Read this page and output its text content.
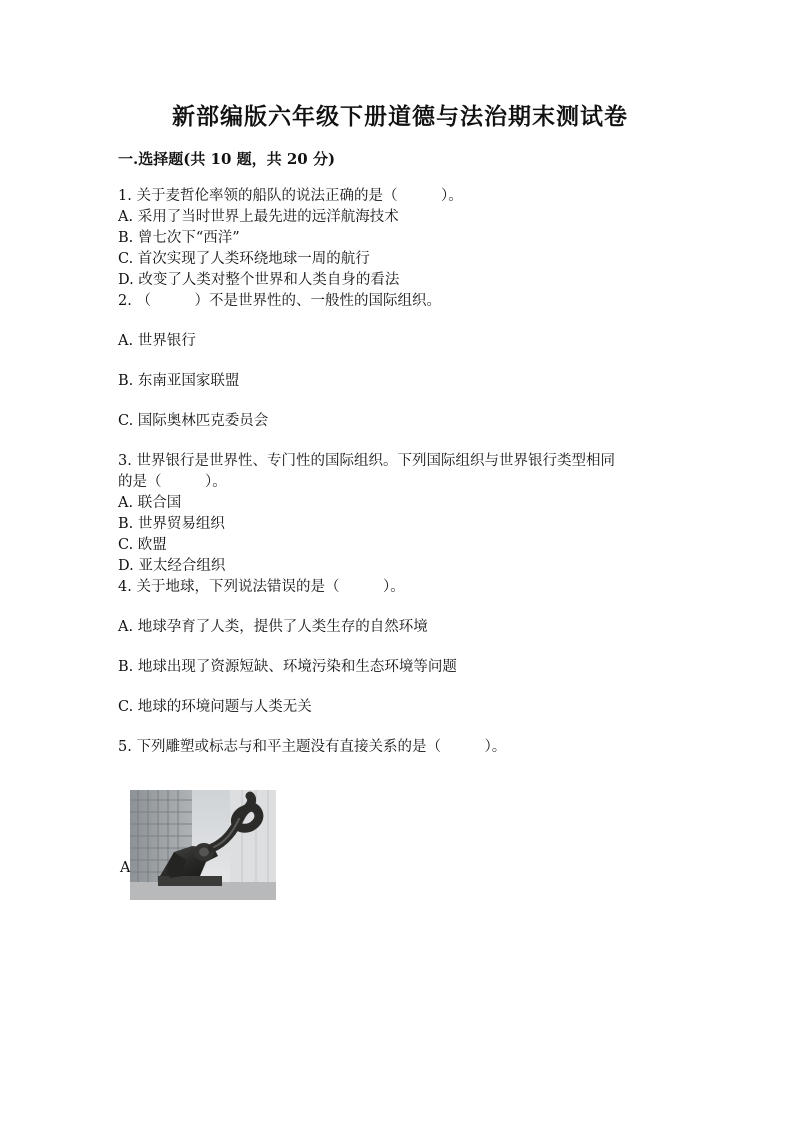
新部编版六年级下册道德与法治期末测试卷
一.选择题(共 10 题，共 20 分)
1. 关于麦哲伦率领的船队的说法正确的是（　　　）。
A. 采用了当时世界上最先进的远洋航海技术
B. 曾七次下“西洋”
C. 首次实现了人类环绕地球一周的航行
D. 改变了人类对整个世界和人类自身的看法
2. （　　　）不是世界性的、一般性的国际组织。
A. 世界银行
B. 东南亚国家联盟
C. 国际奥林匹克委员会
3. 世界银行是世界性、专门性的国际组织。下列国际组织与世界银行类型相同
的是（　　　）。
A. 联合国
B. 世界贸易组织
C. 欧盟
D. 亚太经合组织
4. 关于地球，下列说法错误的是（　　　）。
A. 地球孕育了人类，提供了人类生存的自然环境
B. 地球出现了资源短缺、环境污染和生态环境等问题
C. 地球的环境问题与人类无关
5. 下列雕塑或标志与和平主题没有直接关系的是（　　　）。
A
